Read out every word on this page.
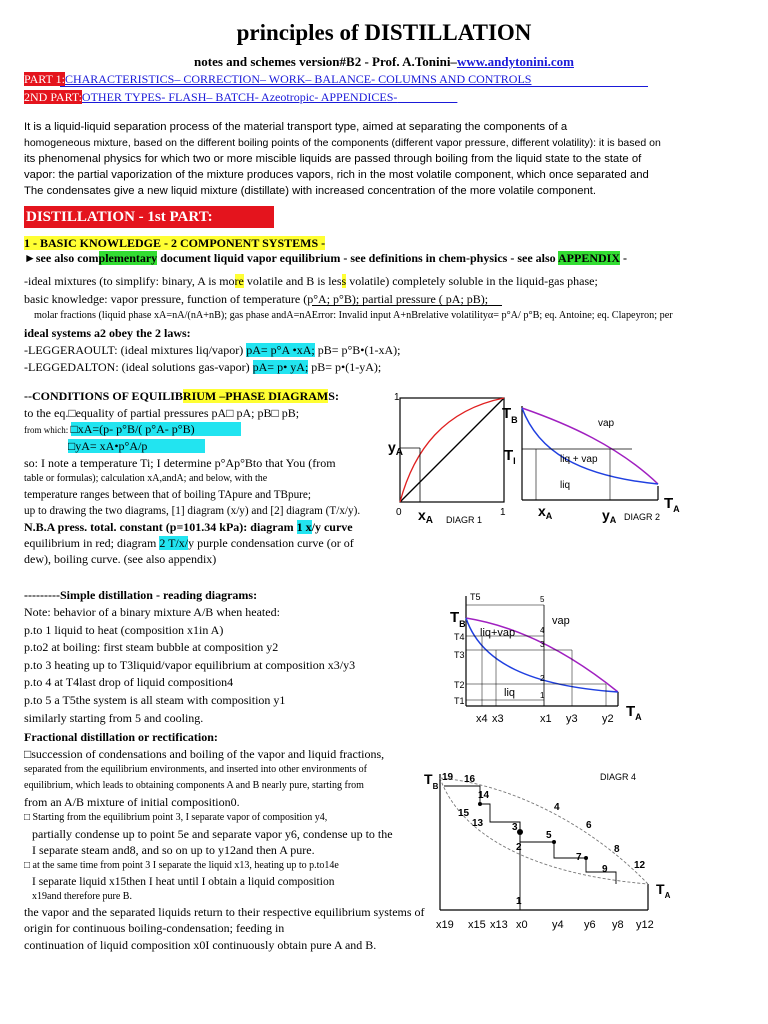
principles of DISTILLATION
notes and schemes version#B2 - Prof. A.Tonini–www.andytonini.com
PART 1:CHARACTERISTICS– CORRECTION– WORK– BALANCE- COLUMNS AND CONTROLS
2ND PART:OTHER TYPES- FLASH– BATCH- Azeotropic- APPENDICES-
It is a liquid-liquid separation process of the material transport type, aimed at separating the components of a
homogeneous mixture, based on the different boiling points of the components (different vapor pressure, different volatility): it is based on
its phenomenal physics for which two or more miscible liquids are passed through boiling from the liquid state to the state of
vapor: the partial vaporization of the mixture produces vapors, rich in the most volatile component, which once separated and
The condensates give a new liquid mixture (distillate) with increased concentration of the more volatile component.
DISTILLATION - 1st PART:
1 - BASIC KNOWLEDGE - 2 COMPONENT SYSTEMS -
►see also complementary document liquid vapor equilibrium - see definitions in chem-physics - see also APPENDIX -
-ideal mixtures (to simplify: binary, A is more volatile and B is less volatile) completely soluble in the liquid-gas phase;
basic knowledge: vapor pressure, function of temperature (p°A; p°B); partial pressure ( pA; pB);
molar fractions (liquid phase xA=nA/(nA+nB); gas phase andA=nAError: Invalid input A+nBrelative volatilityα= p°A/ p°B; eq. Antoine; eq. Clapeyron; per
ideal systems a2 obey the 2 laws:
-LEGGERAOULT: (ideal mixtures liq/vapor) pA= p°A •xA; pB= p°B•(1-xA);
-LEGGEDALTON: (ideal solutions gas-vapor) pA= p• yA; pB= p•(1-yA);
--CONDITIONS OF EQUILIBRIUM –PHASE DIAGRAMS:
to the eq.□equality of partial pressures pA□ pA; pB□ pB;
from which: □xA=(p- p°B/( p°A- p°B)
□yA= xA•p°A/p
so: I note a temperature Ti; I determine p°Ap°Bto that You (from
table or formulas); calculation xA,andA; and below, with the
temperature ranges between that of boiling TApure and TBpure;
up to drawing the two diagrams, [1] diagram (x/y) and [2] diagram (T/x/y).
N.B.A press. total. constant (p=101.34 kPa): diagram 1 x/y curve
equilibrium in red; diagram 2 T/x/y purple condensation curve (or of
dew), boiling curve. (see also appendix)
---------Simple distillation - reading diagrams:
Note: behavior of a binary mixture A/B when heated:
p.to 1 liquid to heat (composition x1in A)
p.to2 at boiling: first steam bubble at composition y2
p.to 3 heating up to T3liquid/vapor equilibrium at composition x3/y3
p.to 4 at T4last drop of liquid composition4
p.to 5 a T5the system is all steam with composition y1
similarly starting from 5 and cooling.
Fractional distillation or rectification:
□succession of condensations and boiling of the vapor and liquid fractions,
separated from the equilibrium environments, and inserted into other environments of
equilibrium, which leads to obtaining components A and B nearly pure, starting from
from an A/B mixture of initial composition0.
□ Starting from the equilibrium point 3, I separate vapor of composition y4,
partially condense up to point 5e and separate vapor y6, condense up to the
I separate steam and8, and so on up to y12and then A pure.
□ at the same time from point 3 I separate the liquid x13, heating up to p.to14e
I separate liquid x15then I heat until I obtain a liquid composition
x19and therefore pure B.
the vapor and the separated liquids return to their respective equilibrium systems of
origin for continuous boiling-condensation; feeding in
continuation of liquid composition x0I continuously obtain pure A and B.
$y_A$
0	1
1
$x_A$ DIAGR 1
$T_B$
$T_I$
$T_A$
vap
liq + vap
liq
$x_A$	$y_A$ DIAGR 2
T5
$T_B$
T4
T3
T2
T1
$T_A$
vap
liq+vap
liq
5
4
3
2
1
x4 x3	x1 y3 y2
$T_B$
$T_A$
DIAGR 4
19 16
14
15
13	3
2
1
4
5
6
7
8
9	12
x19 x15 x13 x0 y4 y6 y8 y12
